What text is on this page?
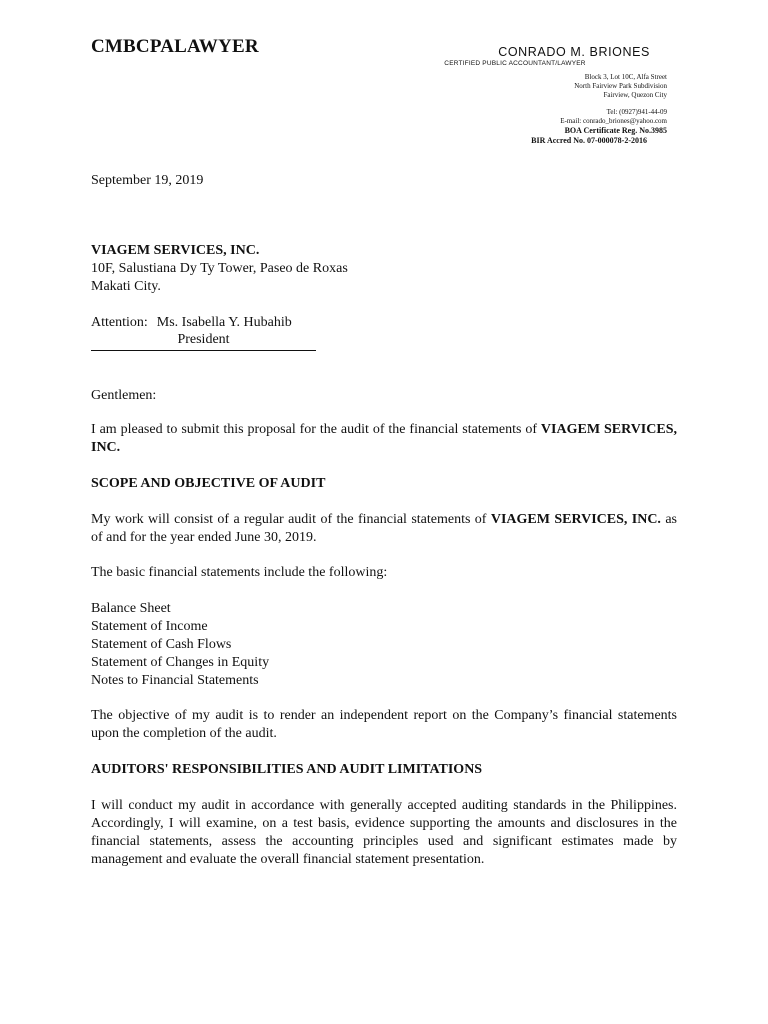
CMBCPALAWYER	CONRADO M. BRIONES
CERTIFIED PUBLIC ACCOUNTANT/LAWYER
Block 3, Lot 10C, Alfa Street
North Fairview Park Subdivision
Fairview, Quezon City
Tel: (0927)941-44-09
E-mail: conrado_briones@yahoo.com
BOA Certificate Reg. No.3985
BIR Accred No. 07-000078-2-2016
September 19, 2019
VIAGEM SERVICES, INC.
10F, Salustiana Dy Ty Tower, Paseo de Roxas
Makati City.
Attention: Ms. Isabella Y. Hubahib
President
Gentlemen:
I am pleased to submit this proposal for the audit of the financial statements of VIAGEM SERVICES, INC.
SCOPE AND OBJECTIVE OF AUDIT
My work will consist of a regular audit of the financial statements of VIAGEM SERVICES, INC. as of and for the year ended June 30, 2019.
The basic financial statements include the following:
Balance Sheet
Statement of Income
Statement of Cash Flows
Statement of Changes in Equity
Notes to Financial Statements
The objective of my audit is to render an independent report on the Company’s financial statements upon the completion of the audit.
AUDITORS' RESPONSIBILITIES AND AUDIT LIMITATIONS
I will conduct my audit in accordance with generally accepted auditing standards in the Philippines. Accordingly, I will examine, on a test basis, evidence supporting the amounts and disclosures in the financial statements, assess the accounting principles used and significant estimates made by management and evaluate the overall financial statement presentation.
